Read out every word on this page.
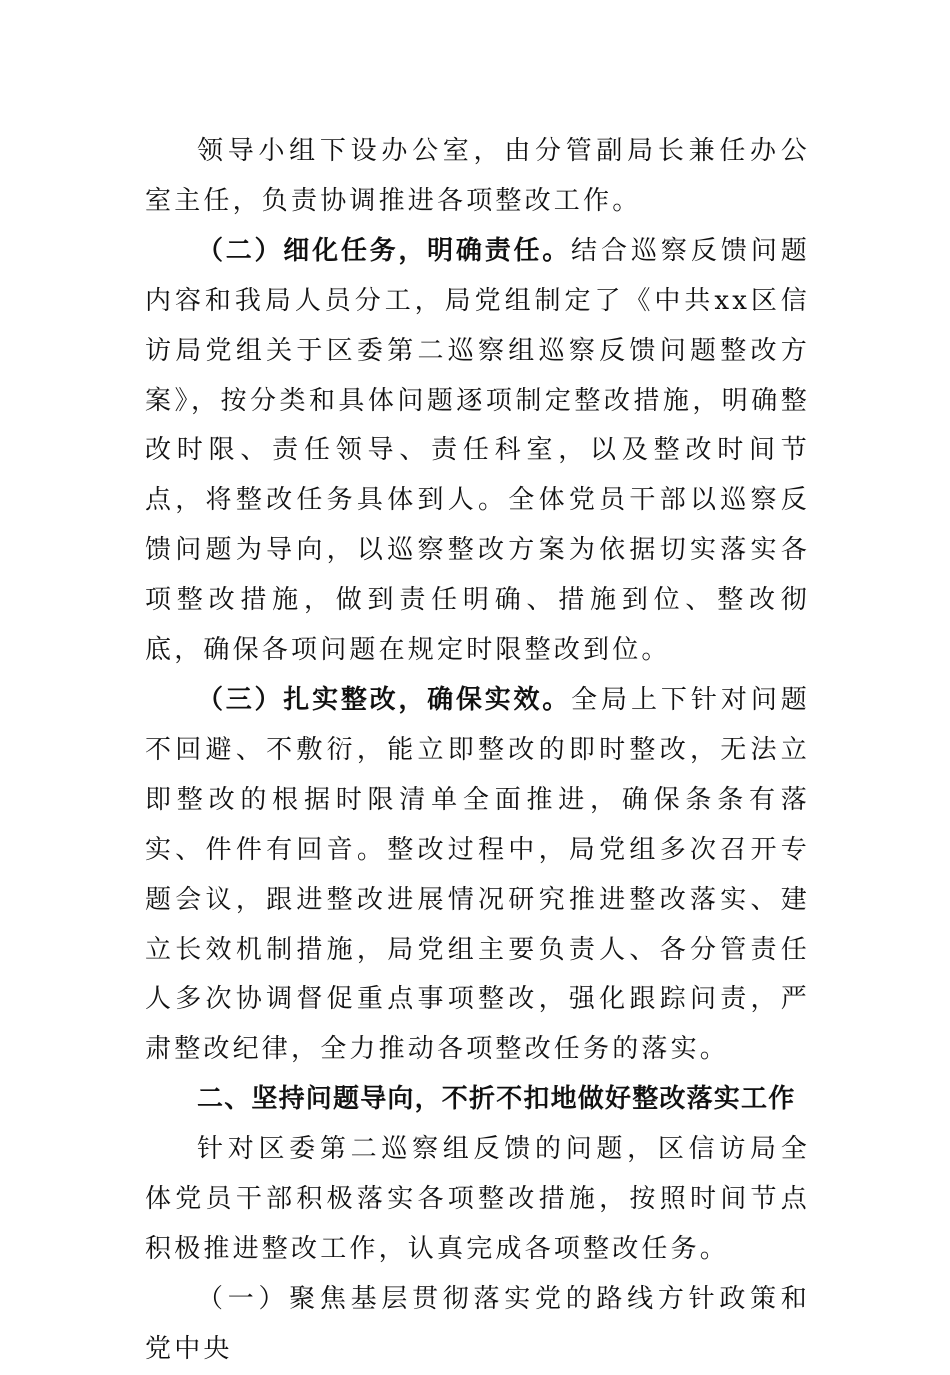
领导小组下设办公室，由分管副局长兼任办公室主任，负责协调推进各项整改工作。

（二）细化任务，明确责任。结合巡察反馈问题内容和我局人员分工，局党组制定了《中共xx区信访局党组关于区委第二巡察组巡察反馈问题整改方案》，按分类和具体问题逐项制定整改措施，明确整改时限、责任领导、责任科室，以及整改时间节点，将整改任务具体到人。全体党员干部以巡察反馈问题为导向，以巡察整改方案为依据切实落实各项整改措施，做到责任明确、措施到位、整改彻底，确保各项问题在规定时限整改到位。

（三）扎实整改，确保实效。全局上下针对问题不回避、不敷衍，能立即整改的即时整改，无法立即整改的根据时限清单全面推进，确保条条有落实、件件有回音。整改过程中，局党组多次召开专题会议，跟进整改进展情况研究推进整改落实、建立长效机制措施，局党组主要负责人、各分管责任人多次协调督促重点事项整改，强化跟踪问责，严肃整改纪律，全力推动各项整改任务的落实。

二、坚持问题导向，不折不扣地做好整改落实工作

针对区委第二巡察组反馈的问题，区信访局全体党员干部积极落实各项整改措施，按照时间节点积极推进整改工作，认真完成各项整改任务。

（一）聚焦基层贯彻落实党的路线方针政策和党中央
